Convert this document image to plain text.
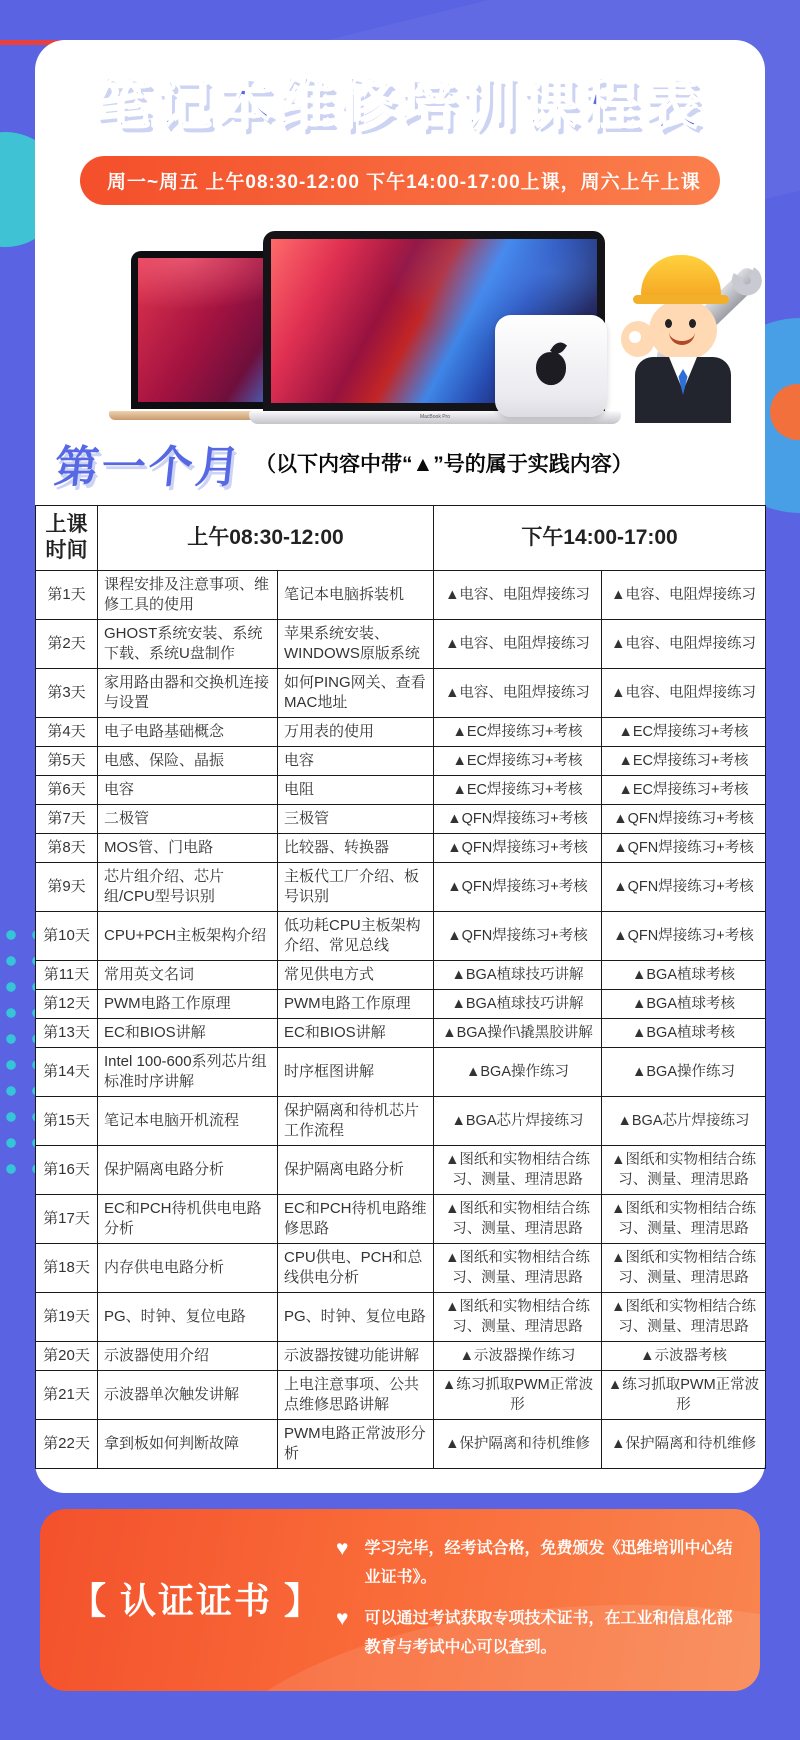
笔记本维修培训课程表
周一~周五 上午08:30-12:00 下午14:00-17:00上课，周六上午上课
MacBook Pro
第一个月 （以下内容中带“▲”号的属于实践内容）
上课时间	上午08:30-12:00		下午14:00-17:00	
第1天	课程安排及注意事项、维修工具的使用	笔记本电脑拆装机	▲电容、电阻焊接练习	▲电容、电阻焊接练习
第2天	GHOST系统安装、系统下载、系统U盘制作	苹果系统安装、WINDOWS原版系统	▲电容、电阻焊接练习	▲电容、电阻焊接练习
第3天	家用路由器和交换机连接与设置	如何PING网关、查看MAC地址	▲电容、电阻焊接练习	▲电容、电阻焊接练习
第4天	电子电路基础概念	万用表的使用	▲EC焊接练习+考核	▲EC焊接练习+考核
第5天	电感、保险、晶振	电容	▲EC焊接练习+考核	▲EC焊接练习+考核
第6天	电容	电阻	▲EC焊接练习+考核	▲EC焊接练习+考核
第7天	二极管	三极管	▲QFN焊接练习+考核	▲QFN焊接练习+考核
第8天	MOS管、门电路	比较器、转换器	▲QFN焊接练习+考核	▲QFN焊接练习+考核
第9天	芯片组介绍、芯片组/CPU型号识别	主板代工厂介绍、板号识别	▲QFN焊接练习+考核	▲QFN焊接练习+考核
第10天	CPU+PCH主板架构介绍	低功耗CPU主板架构介绍、常见总线	▲QFN焊接练习+考核	▲QFN焊接练习+考核
第11天	常用英文名词	常见供电方式	▲BGA植球技巧讲解	▲BGA植球考核
第12天	PWM电路工作原理	PWM电路工作原理	▲BGA植球技巧讲解	▲BGA植球考核
第13天	EC和BIOS讲解	EC和BIOS讲解	▲BGA操作\撬黑胶讲解	▲BGA植球考核
第14天	Intel 100-600系列芯片组标准时序讲解	时序框图讲解	▲BGA操作练习	▲BGA操作练习
第15天	笔记本电脑开机流程	保护隔离和待机芯片工作流程	▲BGA芯片焊接练习	▲BGA芯片焊接练习
第16天	保护隔离电路分析	保护隔离电路分析	▲图纸和实物相结合练习、测量、理清思路	▲图纸和实物相结合练习、测量、理清思路
第17天	EC和PCH待机供电电路分析	EC和PCH待机电路维修思路	▲图纸和实物相结合练习、测量、理清思路	▲图纸和实物相结合练习、测量、理清思路
第18天	内存供电电路分析	CPU供电、PCH和总线供电分析	▲图纸和实物相结合练习、测量、理清思路	▲图纸和实物相结合练习、测量、理清思路
第19天	PG、时钟、复位电路	PG、时钟、复位电路	▲图纸和实物相结合练习、测量、理清思路	▲图纸和实物相结合练习、测量、理清思路
第20天	示波器使用介绍	示波器按键功能讲解	▲示波器操作练习	▲示波器考核
第21天	示波器单次触发讲解	上电注意事项、公共点维修思路讲解	▲练习抓取PWM正常波形	▲练习抓取PWM正常波形
第22天	拿到板如何判断故障	PWM电路正常波形分析	▲保护隔离和待机维修	▲保护隔离和待机维修
【 认证证书 】
♥ 学习完毕，经考试合格，免费颁发《迅维培训中心结业证书》。
♥ 可以通过考试获取专项技术证书，在工业和信息化部教育与考试中心可以查到。
